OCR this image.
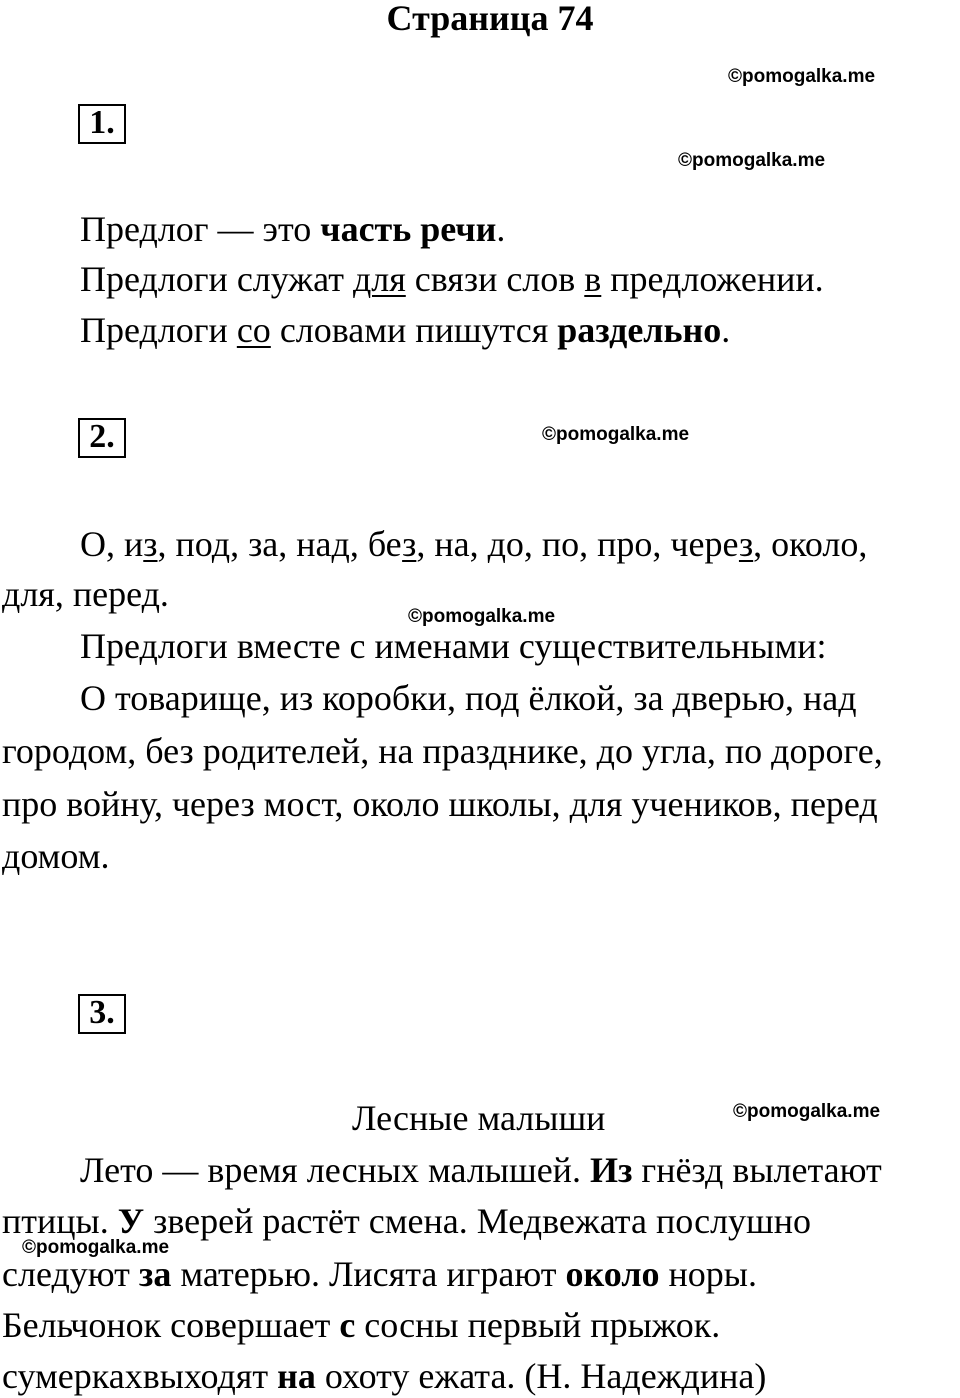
Страница 74
©pomogalka.me
©pomogalka.me
©pomogalka.me
©pomogalka.me
©pomogalka.me
©pomogalka.me
1.
Предлог — это часть речи.
Предлоги служат для связи слов в предложении.
Предлоги со словами пишутся раздельно.
2.
О, из, под, за, над, без, на, до, по, про, через, около,
для, перед.
Предлоги вместе с именами существительными:
О товарище, из коробки, под ёлкой, за дверью, над
городом, без родителей, на празднике, до угла, по дороге,
про войну, через мост, около школы, для учеников, перед
домом.
3.
Лесные малыши
Лето — время лесных малышей. Из гнёзд вылетают
птицы. У зверей растёт смена. Медвежата послушно
следуют за матерью. Лисята играют около норы.
Бельчонок совершает с сосны первый прыжок.
сумеркахвыходят на охоту ежата. (Н. Надеждина)
